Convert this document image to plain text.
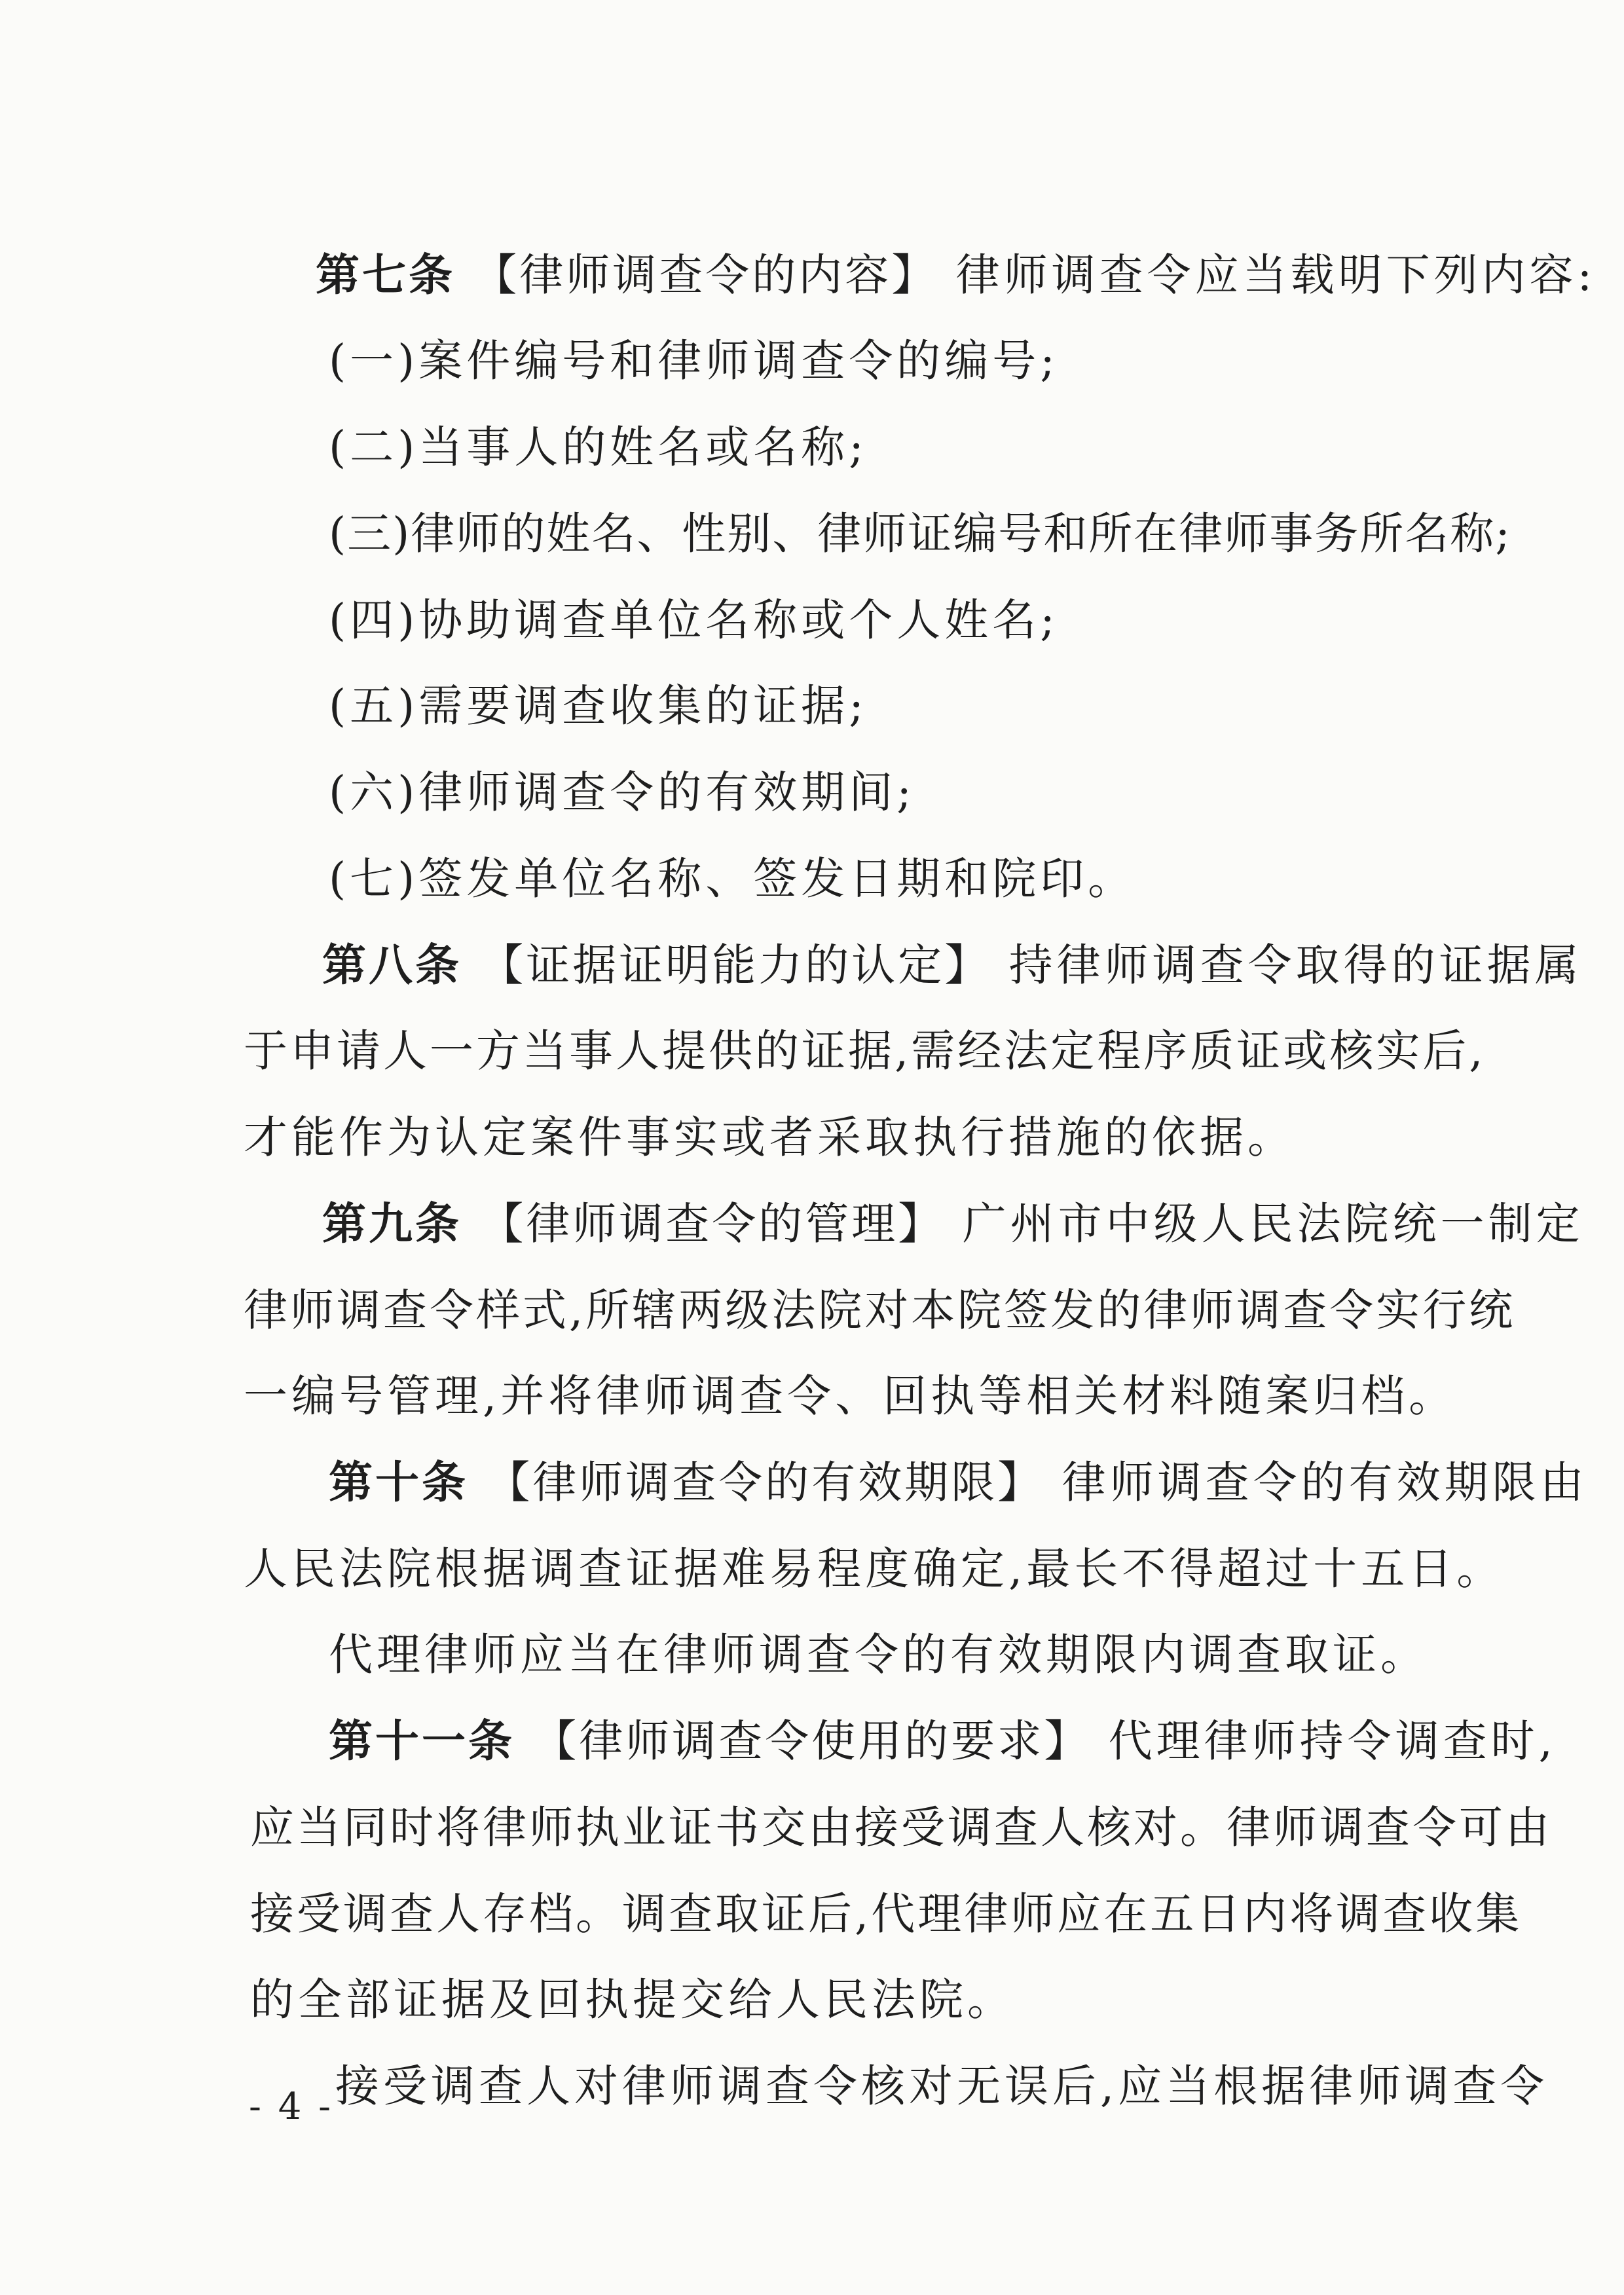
第七条 【律师调查令的内容】 律师调查令应当载明下列内容:
(一)案件编号和律师调查令的编号;
(二)当事人的姓名或名称;
(三)律师的姓名、性别、律师证编号和所在律师事务所名称;
(四)协助调查单位名称或个人姓名;
(五)需要调查收集的证据;
(六)律师调查令的有效期间;
(七)签发单位名称、签发日期和院印。
第八条 【证据证明能力的认定】 持律师调查令取得的证据属
于申请人一方当事人提供的证据,需经法定程序质证或核实后,
才能作为认定案件事实或者采取执行措施的依据。
第九条 【律师调查令的管理】 广州市中级人民法院统一制定
律师调查令样式,所辖两级法院对本院签发的律师调查令实行统
一编号管理,并将律师调查令、回执等相关材料随案归档。
第十条 【律师调查令的有效期限】 律师调查令的有效期限由
人民法院根据调查证据难易程度确定,最长不得超过十五日。
代理律师应当在律师调查令的有效期限内调查取证。
第十一条 【律师调查令使用的要求】 代理律师持令调查时,
应当同时将律师执业证书交由接受调查人核对。律师调查令可由
接受调查人存档。调查取证后,代理律师应在五日内将调查收集
的全部证据及回执提交给人民法院。
接受调查人对律师调查令核对无误后,应当根据律师调查令
- 4 -
